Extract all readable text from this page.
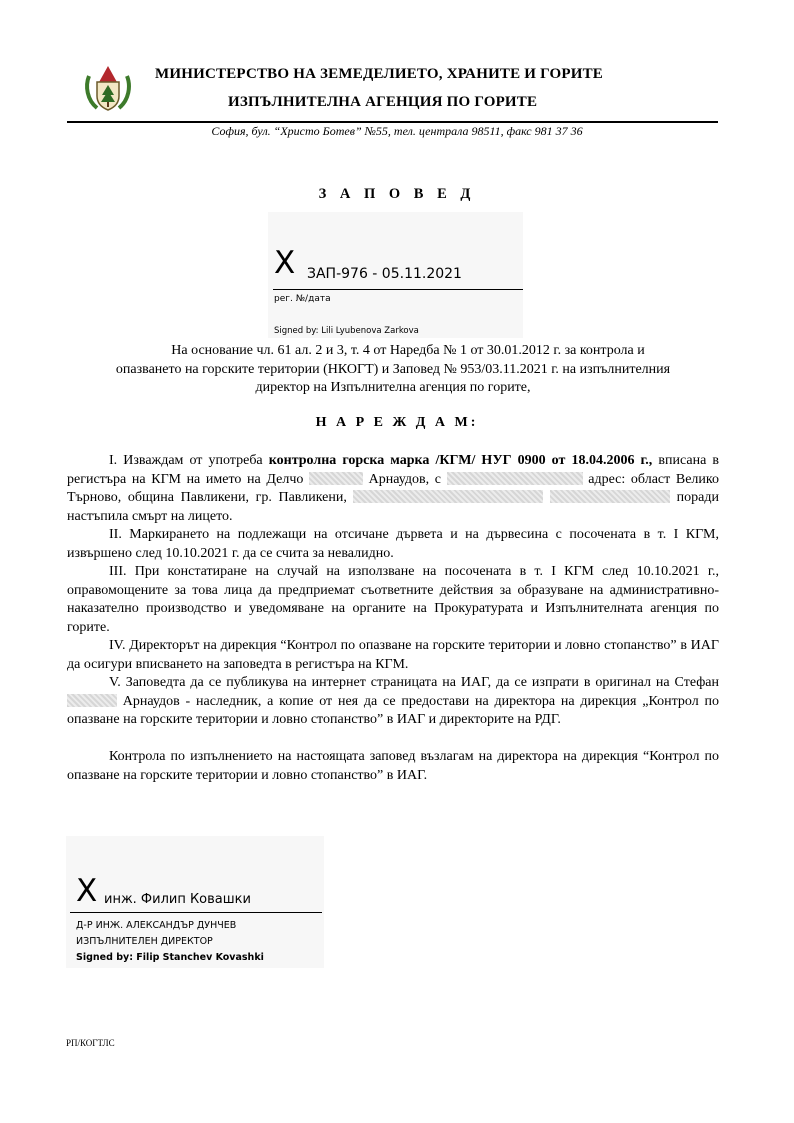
МИНИСТЕРСТВО НА ЗЕМЕДЕЛИЕТО, ХРАНИТЕ И ГОРИТЕ
ИЗПЪЛНИТЕЛНА АГЕНЦИЯ ПО ГОРИТЕ
София, бул. “Христо Ботев” №55, тел. централа 98511, факс 981 37 36
З А П О В Е Д
X ЗАП-976 - 05.11.2021
рег. №/дата
Signed by: Lili Lyubenova Zarkova
На основание чл. 61 ал. 2 и 3, т. 4 от Наредба № 1 от 30.01.2012 г. за контрола и
опазването на горските територии (НКОГТ) и Заповед № 953/03.11.2021 г. на изпълнителния
директор на Изпълнителна агенция по горите,
Н А Р Е Ж Д А М:
I. Изваждам от употреба контролна горска марка /КГМ/ НУГ 0900 от 18.04.2006 г., вписана в регистъра на КГМ на името на Делчо	Арнаудов, с	адрес: област Велико Търново, община Павликени, гр. Павликени,	поради настъпила смърт на лицето.
II. Маркирането на подлежащи на отсичане дървета и на дървесина с посочената в т. I КГМ, извършено след 10.10.2021 г. да се счита за невалидно.
III. При констатиране на случай на използване на посочената в т. I КГМ след 10.10.2021 г., оправомощените за това лица да предприемат съответните действия за образуване на административно-наказателно производство и уведомяване на органите на Прокуратурата и Изпълнителната агенция по горите.
IV. Директорът на дирекция “Контрол по опазване на горските територии и ловно стопанство” в ИАГ да осигури вписването на заповедта в регистъра на КГМ.
V. Заповедта да се публикува на интернет страницата на ИАГ, да се изпрати в оригинал на Стефан  Арнаудов - наследник, а копие от нея да се предостави на директора на дирекция „Контрол по опазване на горските територии и ловно стопанство” в ИАГ и директорите на РДГ.
Контрола по изпълнението на настоящата заповед възлагам на директора на дирекция “Контрол по опазване на горските територии и ловно стопанство” в ИАГ.
X инж. Филип Ковашки
Д-Р ИНЖ. АЛЕКСАНДЪР ДУНЧЕВ
ИЗПЪЛНИТЕЛЕН ДИРЕКТОР
Signed by: Filip Stanchev Kovashki
РП/КОГТЛС
